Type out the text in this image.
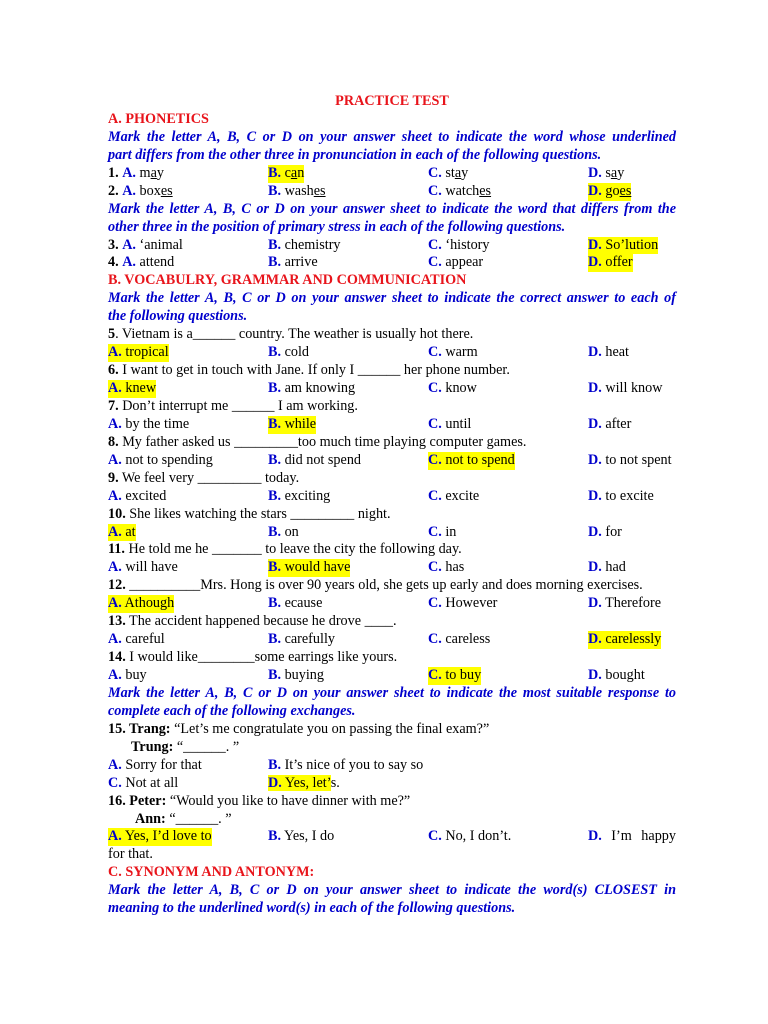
PRACTICE TEST
A. PHONETICS
Mark the letter A, B, C or D on your answer sheet to indicate the word whose underlined
part differs from the other three in pronunciation in each of the following questions.
1. A. may	B. can	C. stay	D. say
2. A. boxes	B. washes	C. watches	D. goes
Mark the letter A, B, C or D on your answer sheet to indicate the word that differs from the
other three in the position of primary stress in each of the following questions.
3. A. ‘animal	B. chemistry	C. ‘history	D. So’lution
4. A. attend	B. arrive	C. appear	D. offer
B. VOCABULRY, GRAMMAR AND COMMUNICATION
Mark the letter A, B, C or D on your answer sheet to indicate the correct answer to each of
the following questions.
5. Vietnam is a______ country. The weather is usually hot there.
A. tropical	B. cold	C. warm	D. heat
6. I want to get in touch with Jane. If only I ______ her phone number.
A. knew	B. am knowing	C. know	D. will know
7. Don’t interrupt me ______ I am working.
A. by the time	B. while	C. until	D. after
8. My father asked us _________too much time playing computer games.
A. not to spending	B. did not spend	C. not to spend	D. to not spent
9. We feel very _________ today.
A. excited	B. exciting	C. excite	D. to excite
10. She likes watching the stars _________ night.
A. at	B. on	C. in	D. for
11. He told me he _______ to leave the city the following day.
A. will have	B. would have	C. has	D. had
12. __________Mrs. Hong is over 90 years old, she gets up early and does morning exercises.
A. Athough	B. ecause	C. However	D. Therefore
13. The accident happened because he drove ____.
A. careful	B. carefully	C. careless	D. carelessly
14. I would like________some earrings like yours.
A. buy	B. buying	C. to buy	D. bought
Mark the letter A, B, C or D on your answer sheet to indicate the most suitable response to
complete each of the following exchanges.
15. Trang: “Let’s me congratulate you on passing the final exam?”
Trung: “______. ”
A. Sorry for that	B. It’s nice of you to say so
C. Not at all	D. Yes, let’s.
16. Peter: “Would you like to have dinner with me?”
Ann: “______. ”
A. Yes, I’d love to	B. Yes, I do	C. No, I don’t.	D. I’m happy
for that.
C. SYNONYM AND ANTONYM:
Mark the letter A, B, C or D on your answer sheet to indicate the word(s) CLOSEST in
meaning to the underlined word(s) in each of the following questions.
